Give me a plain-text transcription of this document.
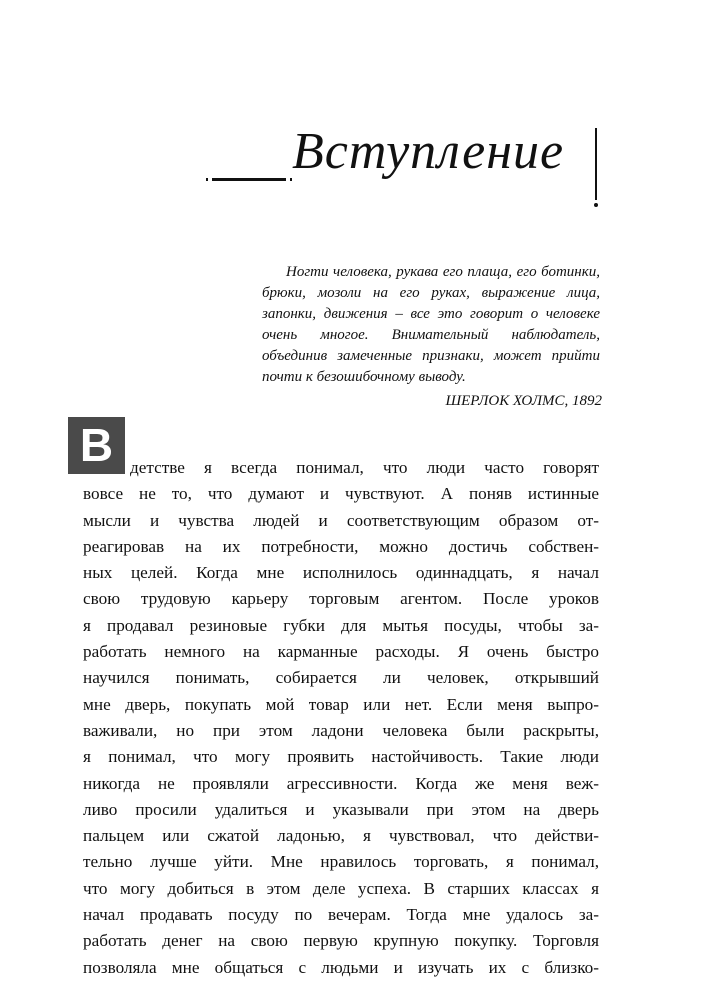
Вступление
Ногти человека, рукава его плаща, его ботинки, брюки, мозоли на его руках, выражение лица, запонки, движения – все это говорит о человеке очень многое. Внимательный наблюдатель, объединив замеченные признаки, может прийти почти к безошибочному выводу.
ШЕРЛОК ХОЛМС, 1892
В детстве я всегда понимал, что люди часто говорят
вовсе не то, что думают и чувствуют. А поняв истинные
мысли и чувства людей и соответствующим образом от-
реагировав на их потребности, можно достичь собствен-
ных целей. Когда мне исполнилось одиннадцать, я начал
свою трудовую карьеру торговым агентом. После уроков
я продавал резиновые губки для мытья посуды, чтобы за-
работать немного на карманные расходы. Я очень быстро
научился понимать, собирается ли человек, открывший
мне дверь, покупать мой товар или нет. Если меня выпро-
важивали, но при этом ладони человека были раскрыты,
я понимал, что могу проявить настойчивость. Такие люди
никогда не проявляли агрессивности. Когда же меня веж-
ливо просили удалиться и указывали при этом на дверь
пальцем или сжатой ладонью, я чувствовал, что действи-
тельно лучше уйти. Мне нравилось торговать, я понимал,
что могу добиться в этом деле успеха. В старших классах я
начал продавать посуду по вечерам. Тогда мне удалось за-
работать денег на свою первую крупную покупку. Торговля
позволяла мне общаться с людьми и изучать их с близко-
